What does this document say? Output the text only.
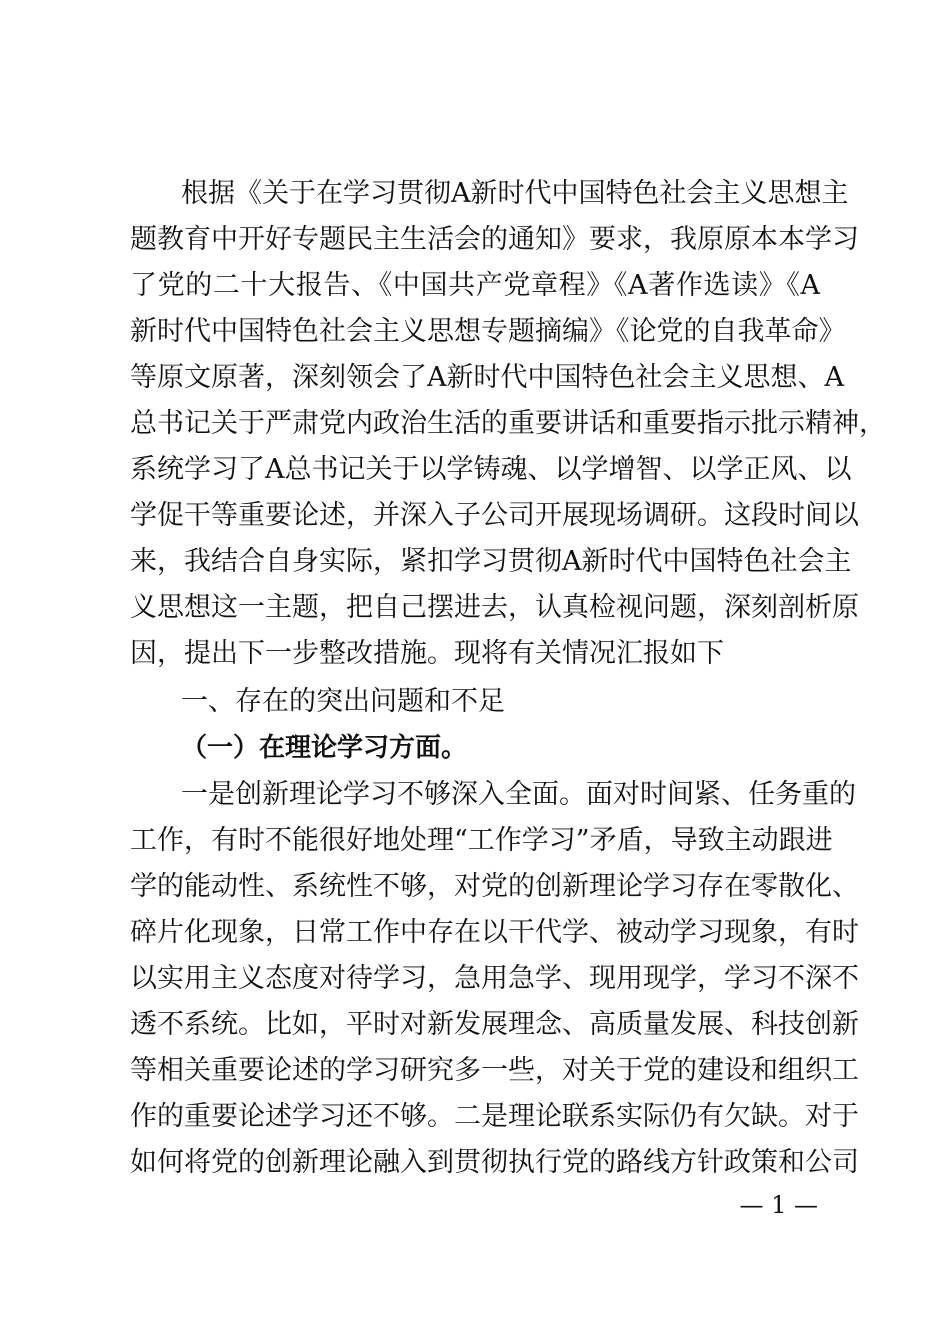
根据《关于在学习贯彻A新时代中国特色社会主义思想主
题教育中开好专题民主生活会的通知》要求，我原原本本学习
了党的二十大报告、《中国共产党章程》《A著作选读》《A
新时代中国特色社会主义思想专题摘编》《论党的自我革命》
等原文原著，深刻领会了A新时代中国特色社会主义思想、A
总书记关于严肃党内政治生活的重要讲话和重要指示批示精神，
系统学习了A总书记关于以学铸魂、以学增智、以学正风、以
学促干等重要论述，并深入子公司开展现场调研。这段时间以
来，我结合自身实际，紧扣学习贯彻A新时代中国特色社会主
义思想这一主题，把自己摆进去，认真检视问题，深刻剖析原
因，提出下一步整改措施。现将有关情况汇报如下
一、存在的突出问题和不足
（一）在理论学习方面。
一是创新理论学习不够深入全面。面对时间紧、任务重的
工作，有时不能很好地处理“工作学习”矛盾，导致主动跟进
学的能动性、系统性不够，对党的创新理论学习存在零散化、
碎片化现象，日常工作中存在以干代学、被动学习现象，有时
以实用主义态度对待学习，急用急学、现用现学，学习不深不
透不系统。比如，平时对新发展理念、高质量发展、科技创新
等相关重要论述的学习研究多一些，对关于党的建设和组织工
作的重要论述学习还不够。二是理论联系实际仍有欠缺。对于
如何将党的创新理论融入到贯彻执行党的路线方针政策和公司
— 1 —
